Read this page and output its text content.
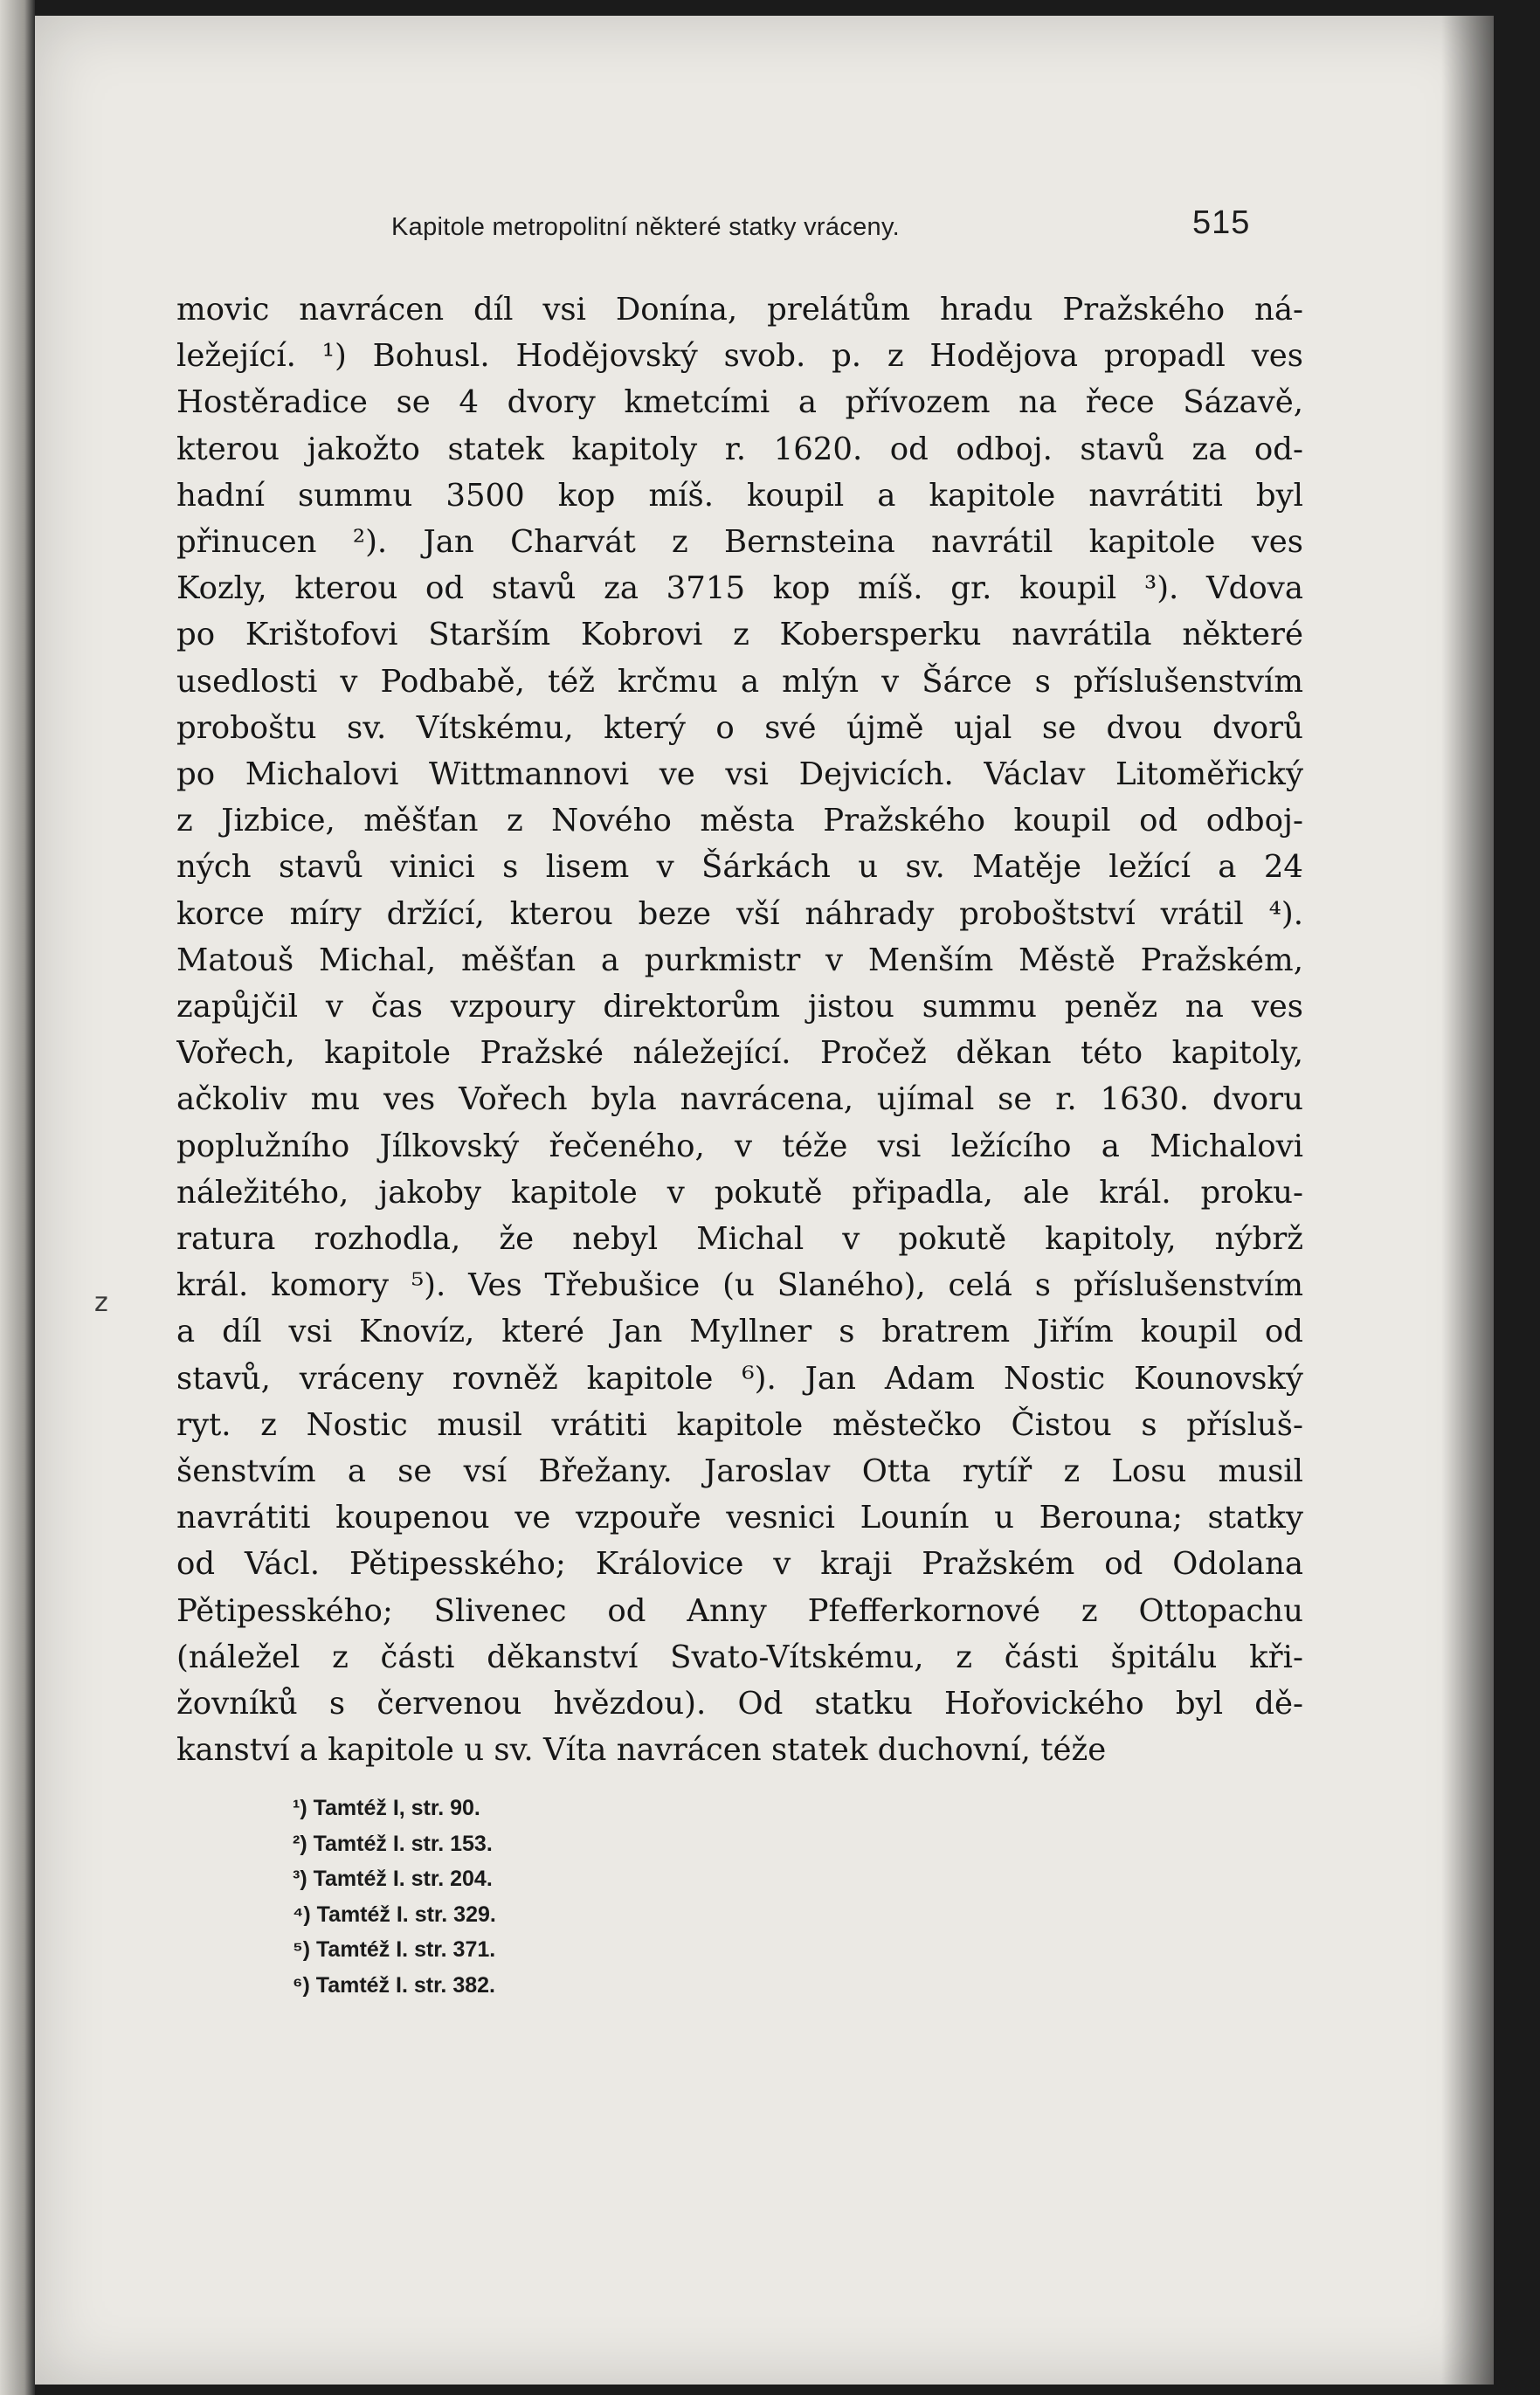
Kapitole metropolitní některé statky vráceny.	515
z
movic navrácen díl vsi Donína, prelátům hradu Pražského ná-
ležející. ¹) Bohusl. Hodějovský svob. p. z Hodějova propadl ves
Hostěradice se 4 dvory kmetcími a přívozem na řece Sázavě,
kterou jakožto statek kapitoly r. 1620. od odboj. stavů za od-
hadní summu 3500 kop míš. koupil a kapitole navrátiti byl
přinucen ²). Jan Charvát z Bernsteina navrátil kapitole ves
Kozly, kterou od stavů za 3715 kop míš. gr. koupil ³). Vdova
po Krištofovi Starším Kobrovi z Kobersperku navrátila některé
usedlosti v Podbabě, též krčmu a mlýn v Šárce s příslušenstvím
proboštu sv. Vítskému, který o své újmě ujal se dvou dvorů
po Michalovi Wittmannovi ve vsi Dejvicích. Václav Litoměřický
z Jizbice, měšťan z Nového města Pražského koupil od odboj-
ných stavů vinici s lisem v Šárkách u sv. Matěje ležící a 24
korce míry držící, kterou beze vší náhrady proboštství vrátil ⁴).
Matouš Michal, měšťan a purkmistr v Menším Městě Pražském,
zapůjčil v čas vzpoury direktorům jistou summu peněz na ves
Vořech, kapitole Pražské náležející. Pročež děkan této kapitoly,
ačkoliv mu ves Vořech byla navrácena, ujímal se r. 1630. dvoru
poplužního Jílkovský řečeného, v téže vsi ležícího a Michalovi
náležitého, jakoby kapitole v pokutě připadla, ale král. proku-
ratura rozhodla, že nebyl Michal v pokutě kapitoly, nýbrž
král. komory ⁵). Ves Třebušice (u Slaného), celá s příslušenstvím
a díl vsi Knovíz, které Jan Myllner s bratrem Jiřím koupil od
stavů, vráceny rovněž kapitole ⁶). Jan Adam Nostic Kounovský
ryt. z Nostic musil vrátiti kapitole městečko Čistou s přísluš-
šenstvím a se vsí Břežany. Jaroslav Otta rytíř z Losu musil
navrátiti koupenou ve vzpouře vesnici Lounín u Berouna; statky
od Václ. Pětipesského; Královice v kraji Pražském od Odolana
Pětipesského; Slivenec od Anny Pfefferkornové z Ottopachu
(náležel z části děkanství Svato-Vítskému, z části špitálu kři-
žovníků s červenou hvězdou). Od statku Hořovického byl dě-
kanství a kapitole u sv. Víta navrácen statek duchovní, téže
¹) Tamtéž I, str. 90.
²) Tamtéž I. str. 153.
³) Tamtéž I. str. 204.
⁴) Tamtéž I. str. 329.
⁵) Tamtéž I. str. 371.
⁶) Tamtéž I. str. 382.
